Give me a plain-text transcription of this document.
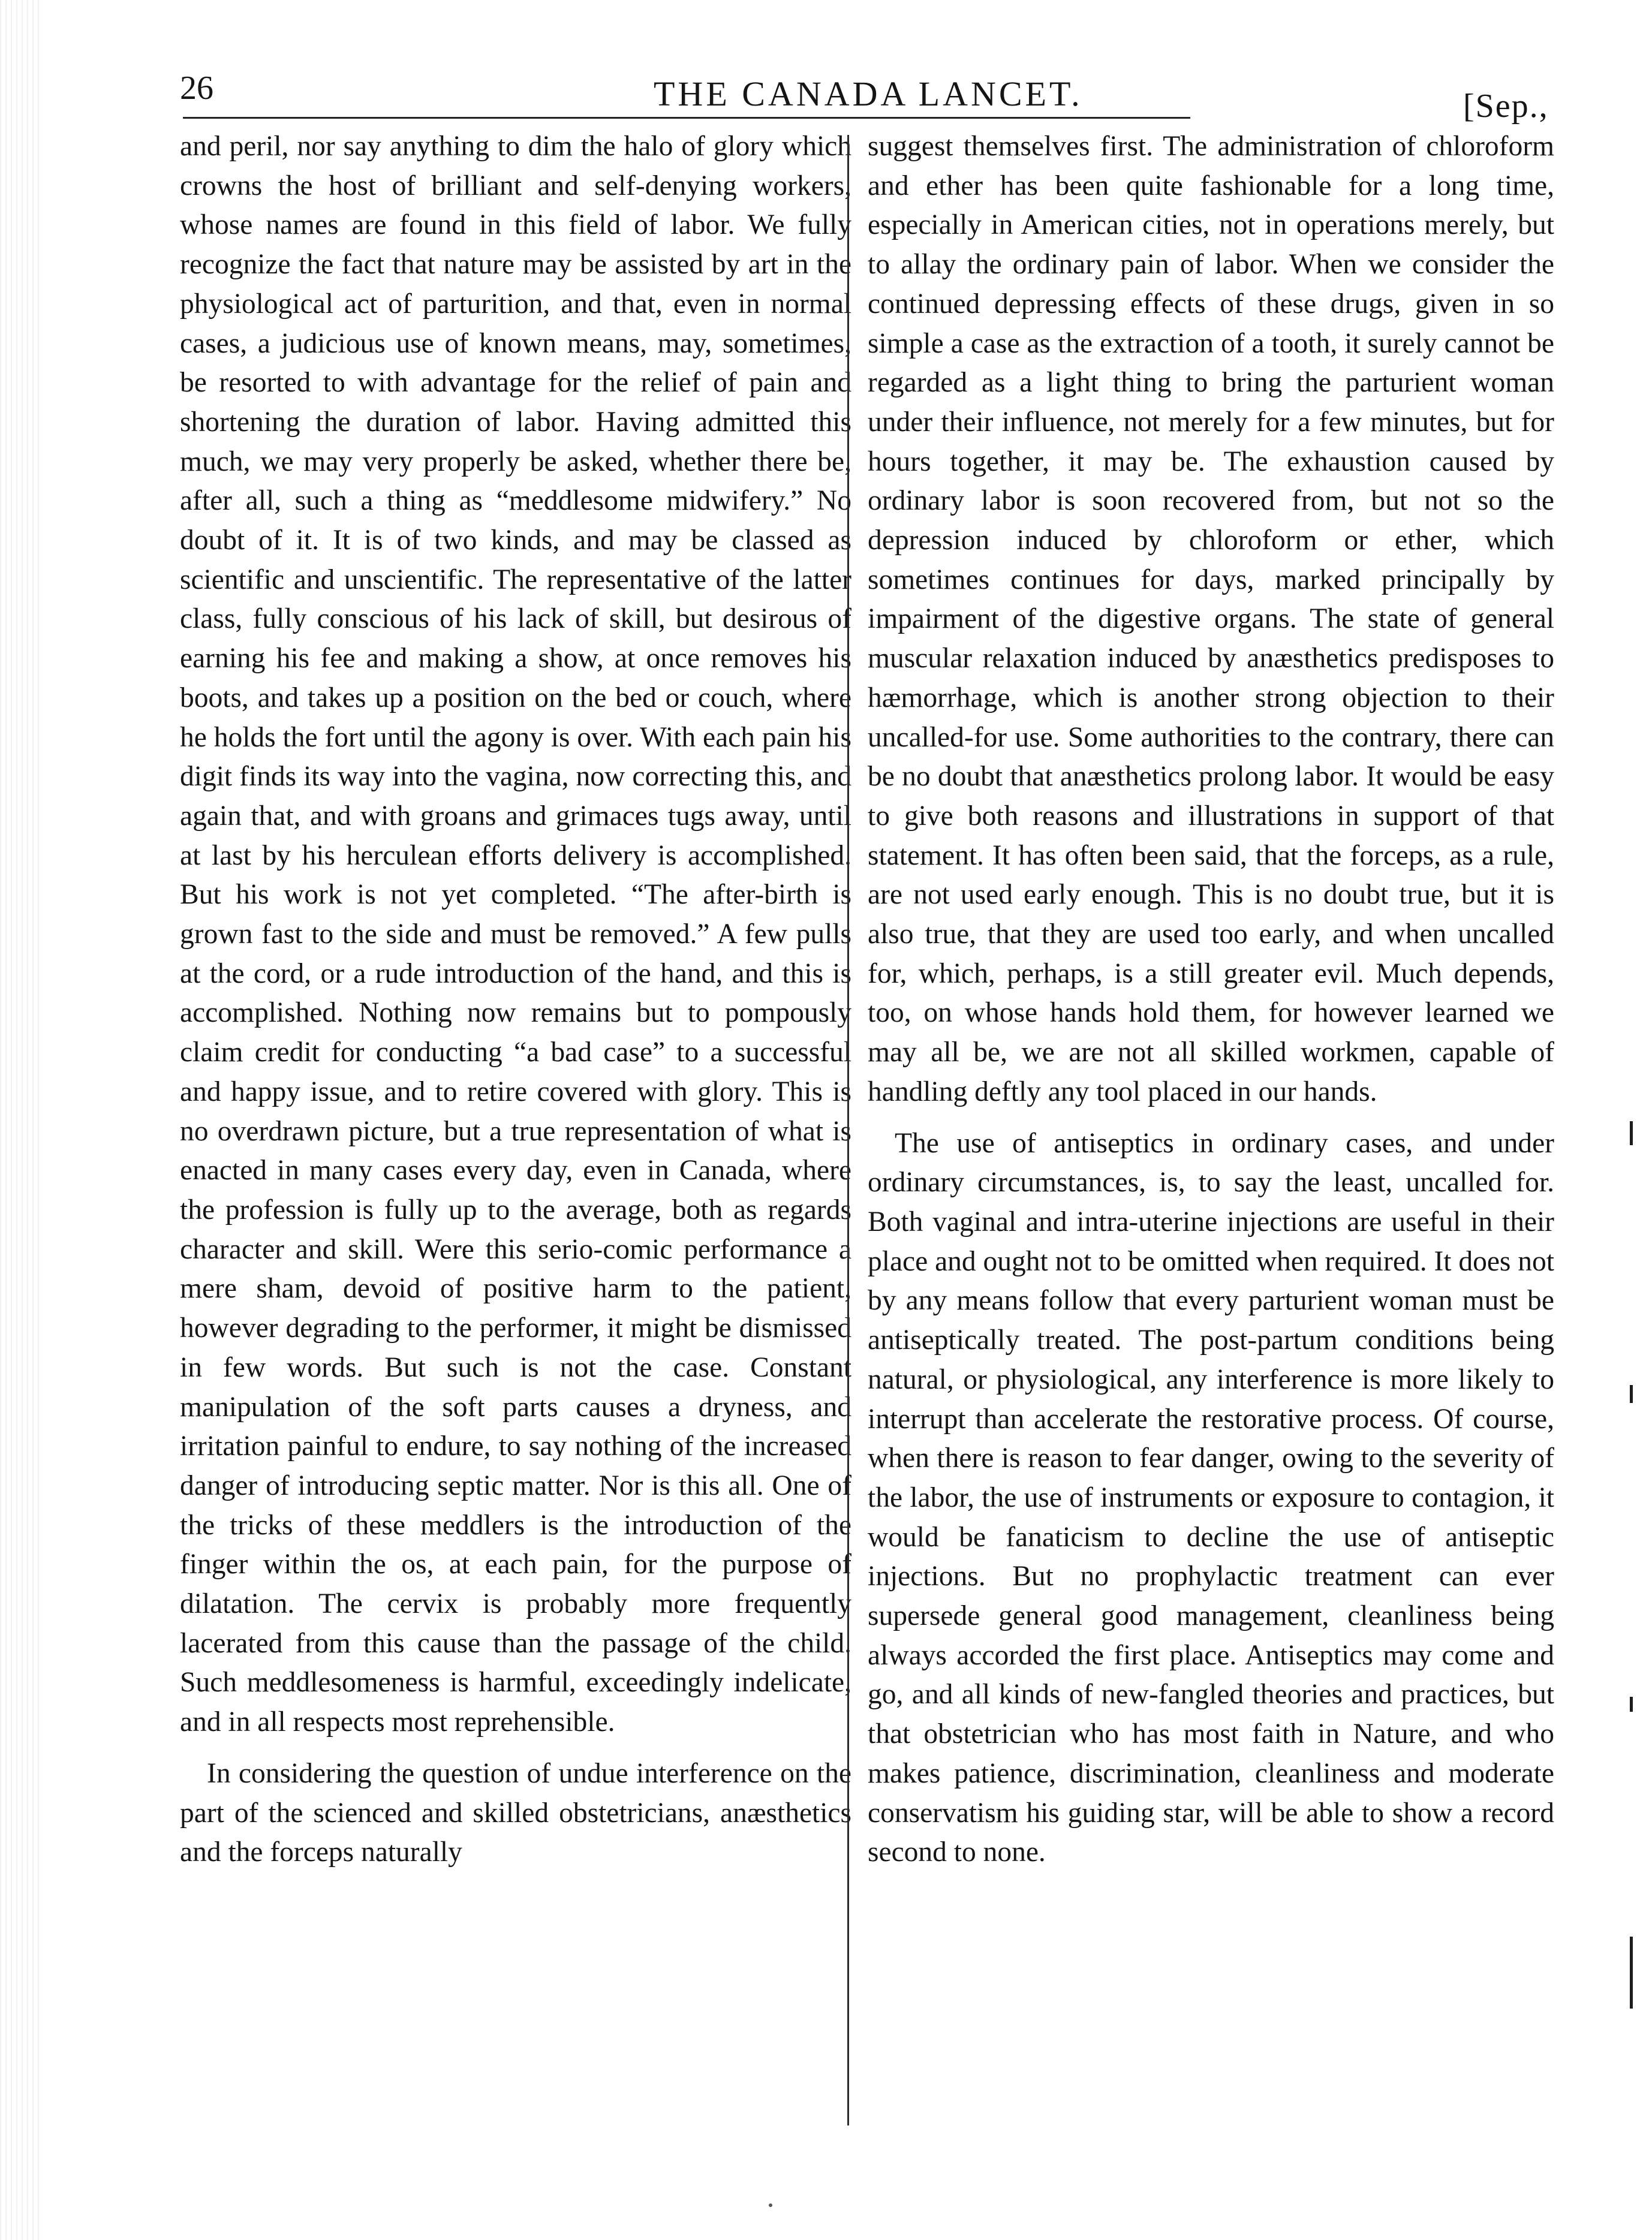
26	THE CANADA LANCET.	[Sep.,

and peril, nor say anything to dim the halo of glory which crowns the host of brilliant and self-denying workers, whose names are found in this field of labor. We fully recognize the fact that nature may be assisted by art in the physiological act of parturition, and that, even in normal cases, a judicious use of known means, may, sometimes, be resorted to with advantage for the relief of pain and shortening the duration of labor. Having admitted this much, we may very properly be asked, whether there be, after all, such a thing as “meddlesome midwifery.” No doubt of it. It is of two kinds, and may be classed as scientific and unscientific. The representative of the latter class, fully conscious of his lack of skill, but desirous of earning his fee and making a show, at once removes his boots, and takes up a position on the bed or couch, where he holds the fort until the agony is over. With each pain his digit finds its way into the vagina, now correcting this, and again that, and with groans and grimaces tugs away, until at last by his herculean efforts delivery is accomplished. But his work is not yet completed. “The after-birth is grown fast to the side and must be removed.” A few pulls at the cord, or a rude introduction of the hand, and this is accomplished. Nothing now remains but to pompously claim credit for conducting “a bad case” to a successful and happy issue, and to retire covered with glory. This is no overdrawn picture, but a true representation of what is enacted in many cases every day, even in Canada, where the profession is fully up to the average, both as regards character and skill. Were this serio-comic performance a mere sham, devoid of positive harm to the patient, however degrading to the performer, it might be dismissed in few words. But such is not the case. Constant manipulation of the soft parts causes a dryness, and irritation painful to endure, to say nothing of the increased danger of introducing septic matter. Nor is this all. One of the tricks of these meddlers is the introduction of the finger within the os, at each pain, for the purpose of dilatation. The cervix is probably more frequently lacerated from this cause than the passage of the child. Such meddlesomeness is harmful, exceedingly indelicate, and in all respects most reprehensible.

In considering the question of undue interference on the part of the scienced and skilled obstetricians, anæsthetics and the forceps naturally

suggest themselves first. The administration of chloroform and ether has been quite fashionable for a long time, especially in American cities, not in operations merely, but to allay the ordinary pain of labor. When we consider the continued depressing effects of these drugs, given in so simple a case as the extraction of a tooth, it surely cannot be regarded as a light thing to bring the parturient woman under their influence, not merely for a few minutes, but for hours together, it may be. The exhaustion caused by ordinary labor is soon recovered from, but not so the depression induced by chloroform or ether, which sometimes continues for days, marked principally by impairment of the digestive organs. The state of general muscular relaxation induced by anæsthetics predisposes to hæmorrhage, which is another strong objection to their uncalled-for use. Some authorities to the contrary, there can be no doubt that anæsthetics prolong labor. It would be easy to give both reasons and illustrations in support of that statement. It has often been said, that the forceps, as a rule, are not used early enough. This is no doubt true, but it is also true, that they are used too early, and when uncalled for, which, perhaps, is a still greater evil. Much depends, too, on whose hands hold them, for however learned we may all be, we are not all skilled workmen, capable of handling deftly any tool placed in our hands.

The use of antiseptics in ordinary cases, and under ordinary circumstances, is, to say the least, uncalled for. Both vaginal and intra-uterine injections are useful in their place and ought not to be omitted when required. It does not by any means follow that every parturient woman must be antiseptically treated. The post-partum conditions being natural, or physiological, any interference is more likely to interrupt than accelerate the restorative process. Of course, when there is reason to fear danger, owing to the severity of the labor, the use of instruments or exposure to contagion, it would be fanaticism to decline the use of antiseptic injections. But no prophylactic treatment can ever supersede general good management, cleanliness being always accorded the first place. Antiseptics may come and go, and all kinds of new-fangled theories and practices, but that obstetrician who has most faith in Nature, and who makes patience, discrimination, cleanliness and moderate conservatism his guiding star, will be able to show a record second to none.
